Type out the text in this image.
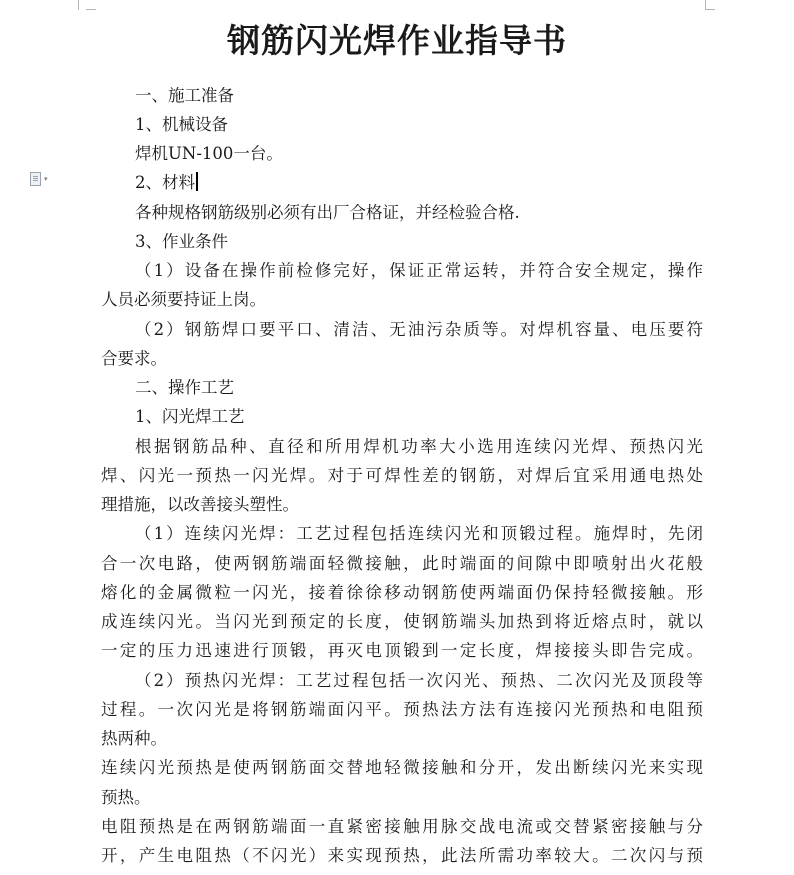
钢筋闪光焊作业指导书
▾
一、施工准备
1、机械设备
焊机UN-100一台。
2、材料
各种规格钢筋级别必须有出厂合格证，并经检验合格.
3、作业条件
（1）设备在操作前检修完好，保证正常运转，并符合安全规定，操作
人员必须要持证上岗。
（2）钢筋焊口要平口、清洁、无油污杂质等。对焊机容量、电压要符
合要求。
二、操作工艺
1、闪光焊工艺
根据钢筋品种、直径和所用焊机功率大小选用连续闪光焊、预热闪光
焊、闪光一预热一闪光焊。对于可焊性差的钢筋，对焊后宜采用通电热处
理措施，以改善接头塑性。
（1）连续闪光焊：工艺过程包括连续闪光和顶锻过程。施焊时，先闭
合一次电路，使两钢筋端面轻微接触，此时端面的间隙中即喷射出火花般
熔化的金属微粒一闪光，接着徐徐移动钢筋使两端面仍保持轻微接触。形
成连续闪光。当闪光到预定的长度，使钢筋端头加热到将近熔点时，就以
一定的压力迅速进行顶锻，再灭电顶锻到一定长度，焊接接头即告完成。
（2）预热闪光焊：工艺过程包括一次闪光、预热、二次闪光及顶段等
过程。一次闪光是将钢筋端面闪平。预热法方法有连接闪光预热和电阻预
热两种。
连续闪光预热是使两钢筋面交替地轻微接触和分开，发出断续闪光来实现
预热。
电阻预热是在两钢筋端面一直紧密接触用脉交战电流或交替紧密接触与分
开，产生电阻热（不闪光）来实现预热，此法所需功率较大。二次闪与预
